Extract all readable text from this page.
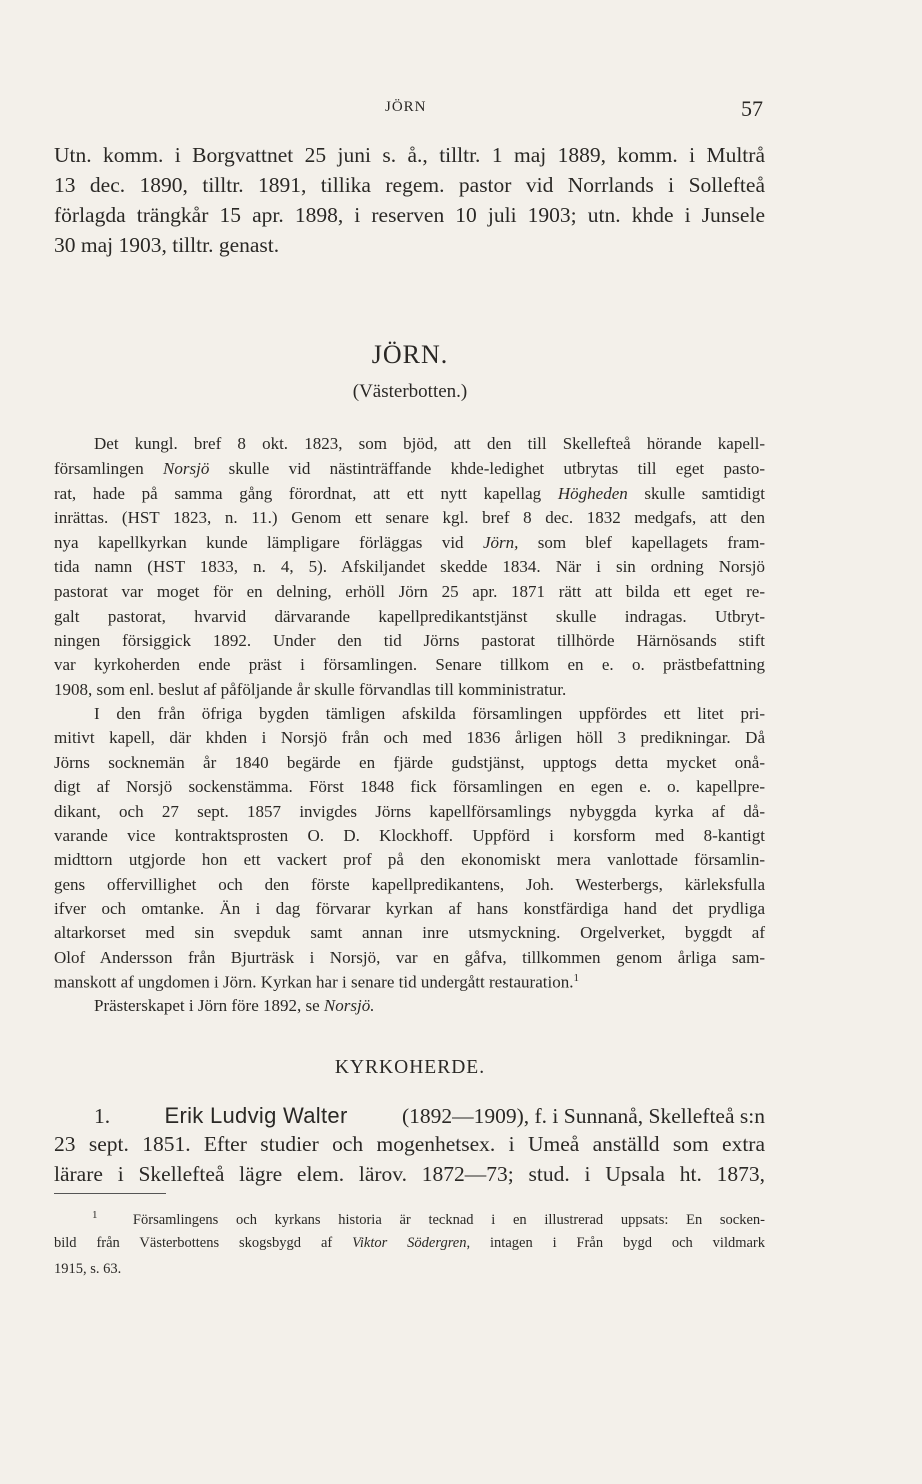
JÖRN	57
Utn. komm. i Borgvattnet 25 juni s. å., tilltr. 1 maj 1889, komm. i Multrå
13 dec. 1890, tilltr. 1891, tillika regem. pastor vid Norrlands i Sollefteå
förlagda trängkår 15 apr. 1898, i reserven 10 juli 1903; utn. khde i Junsele
30 maj 1903, tilltr. genast.
JÖRN.
(Västerbotten.)
Det kungl. bref 8 okt. 1823, som bjöd, att den till Skellefteå hörande kapell-
församlingen Norsjö skulle vid nästinträffande khde-ledighet utbrytas till eget pasto-
rat, hade på samma gång förordnat, att ett nytt kapellag Högheden skulle samtidigt
inrättas. (HST 1823, n. 11.) Genom ett senare kgl. bref 8 dec. 1832 medgafs, att den
nya kapellkyrkan kunde lämpligare förläggas vid Jörn, som blef kapellagets fram-
tida namn (HST 1833, n. 4, 5). Afskiljandet skedde 1834. När i sin ordning Norsjö
pastorat var moget för en delning, erhöll Jörn 25 apr. 1871 rätt att bilda ett eget re-
galt pastorat, hvarvid därvarande kapellpredikantstjänst skulle indragas. Utbryt-
ningen försiggick 1892. Under den tid Jörns pastorat tillhörde Härnösands stift
var kyrkoherden ende präst i församlingen. Senare tillkom en e. o. prästbefattning
1908, som enl. beslut af påföljande år skulle förvandlas till komministratur.
I den från öfriga bygden tämligen afskilda församlingen uppfördes ett litet pri-
mitivt kapell, där khden i Norsjö från och med 1836 årligen höll 3 predikningar. Då
Jörns socknemän år 1840 begärde en fjärde gudstjänst, upptogs detta mycket onå-
digt af Norsjö sockenstämma. Först 1848 fick församlingen en egen e. o. kapellpre-
dikant, och 27 sept. 1857 invigdes Jörns kapellförsamlings nybyggda kyrka af då-
varande vice kontraktsprosten O. D. Klockhoff. Uppförd i korsform med 8-kantigt
midttorn utgjorde hon ett vackert prof på den ekonomiskt mera vanlottade församlin-
gens offervillighet och den förste kapellpredikantens, Joh. Westerbergs, kärleksfulla
ifver och omtanke. Än i dag förvarar kyrkan af hans konstfärdiga hand det prydliga
altarkorset med sin svepduk samt annan inre utsmyckning. Orgelverket, byggdt af
Olof Andersson från Bjurträsk i Norsjö, var en gåfva, tillkommen genom årliga sam-
manskott af ungdomen i Jörn. Kyrkan har i senare tid undergått restauration.$^1$
Prästerskapet i Jörn före 1892, se Norsjö.
KYRKOHERDE.
1. Erik Ludvig Walter	(1892—1909), f. i Sunnanå, Skellefteå s:n
23 sept. 1851. Efter studier och mogenhetsex. i Umeå anställd som extra
lärare i Skellefteå lägre elem. lärov. 1872—73; stud. i Upsala ht. 1873,
$^1$ Församlingens och kyrkans historia är tecknad i en illustrerad uppsats: En socken-
bild från Västerbottens skogsbygd af Viktor Södergren, intagen i Från bygd och vildmark
1915, s. 63.
